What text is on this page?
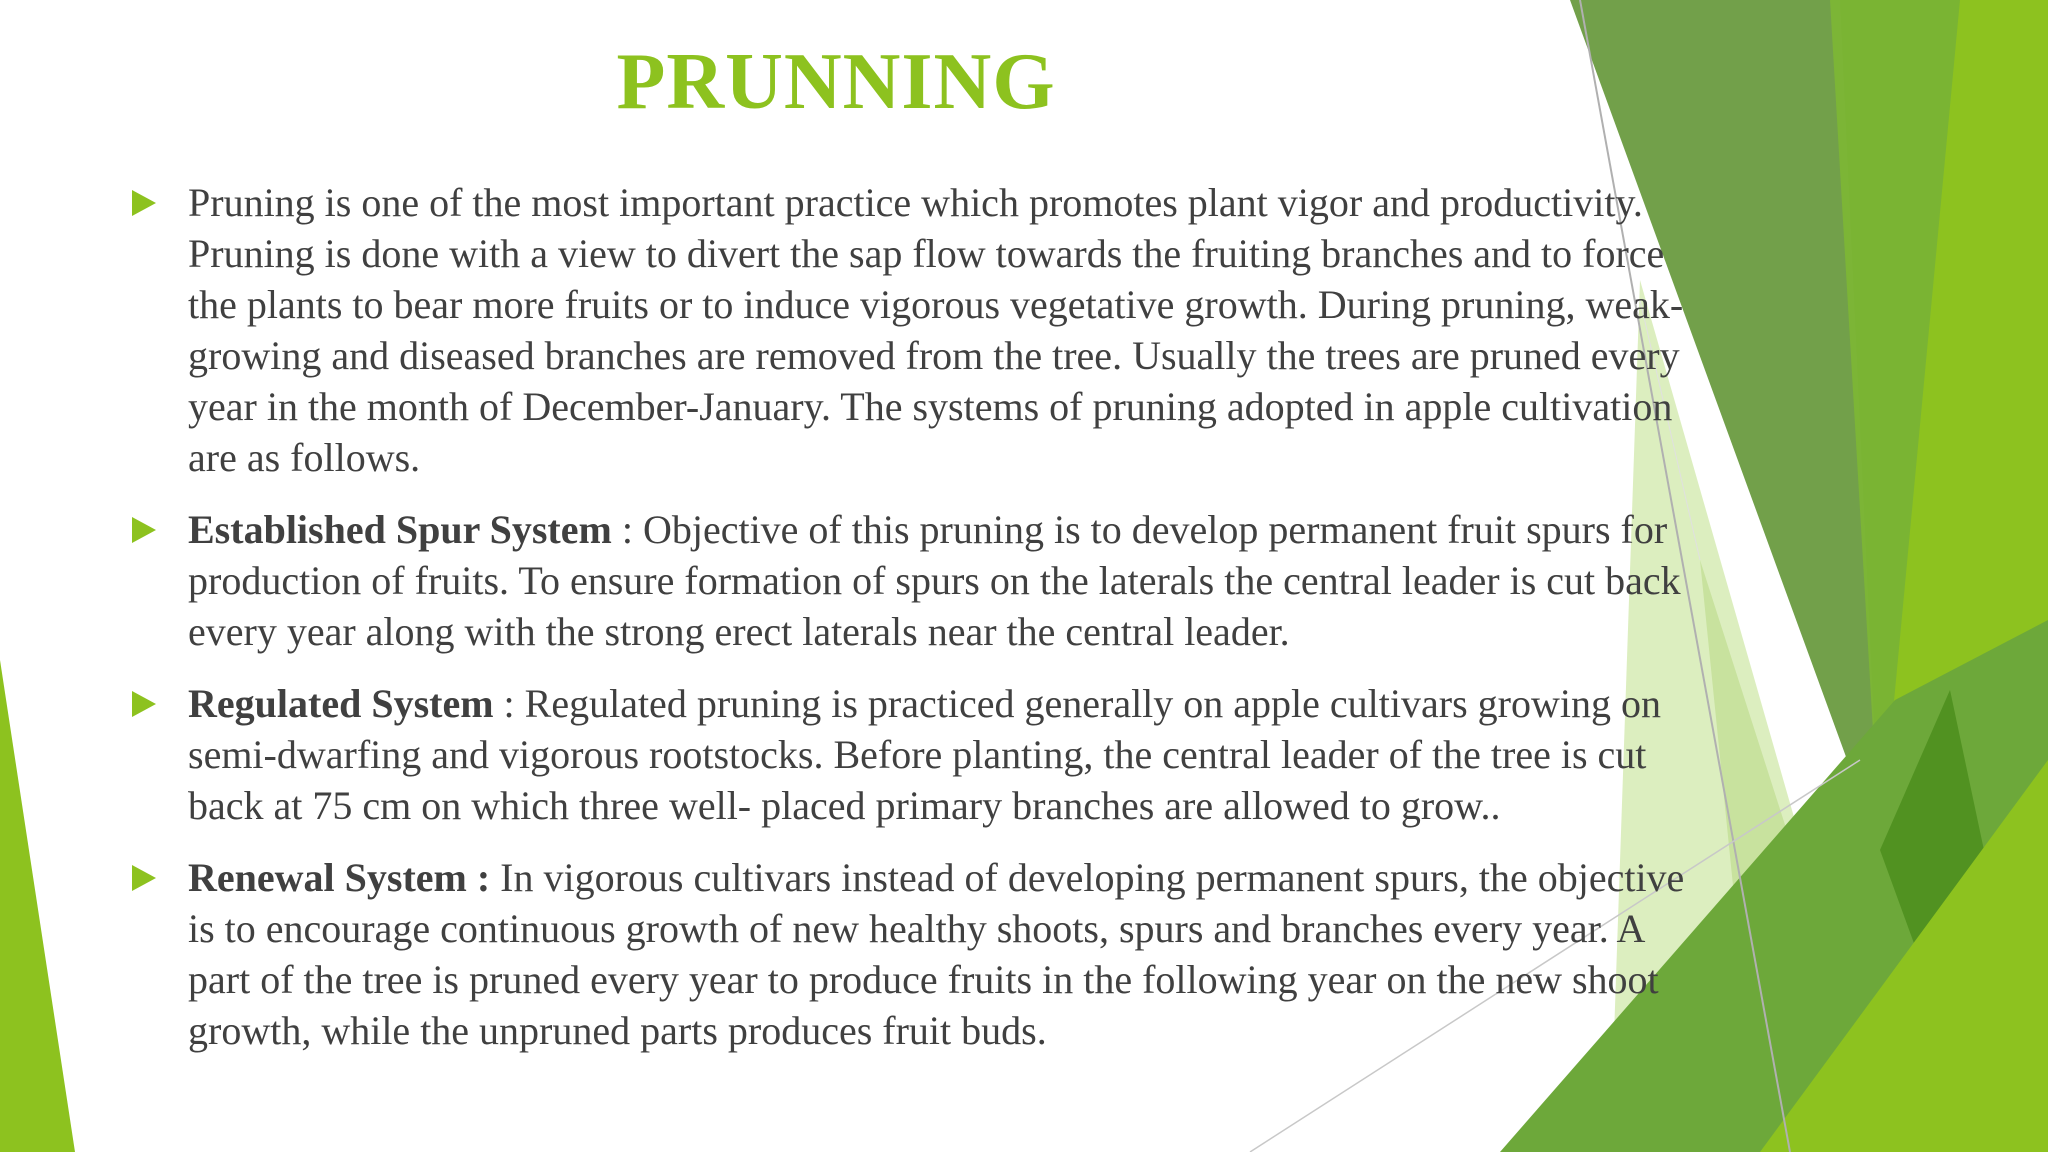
PRUNNING
Pruning is one of the most important practice which promotes plant vigor and productivity. Pruning is done with a view to divert the sap flow towards the fruiting branches and to force the plants to bear more fruits or to induce vigorous vegetative growth. During pruning, weak-growing and diseased branches are removed from the tree. Usually the trees are pruned every year in the month of December-January. The systems of pruning adopted in apple cultivation are as follows.
Established Spur System : Objective of this pruning is to develop permanent fruit spurs for production of fruits. To ensure formation of spurs on the laterals the central leader is cut back every year along with the strong erect laterals near the central leader.
Regulated System : Regulated pruning is practiced generally on apple cultivars growing on semi-dwarfing and vigorous rootstocks. Before planting, the central leader of the tree is cut back at 75 cm on which three well- placed primary branches are allowed to grow..
Renewal System : In vigorous cultivars instead of developing permanent spurs, the objective is to encourage continuous growth of new healthy shoots, spurs and branches every year. A part of the tree is pruned every year to produce fruits in the following year on the new shoot growth, while the unpruned parts produces fruit buds.
